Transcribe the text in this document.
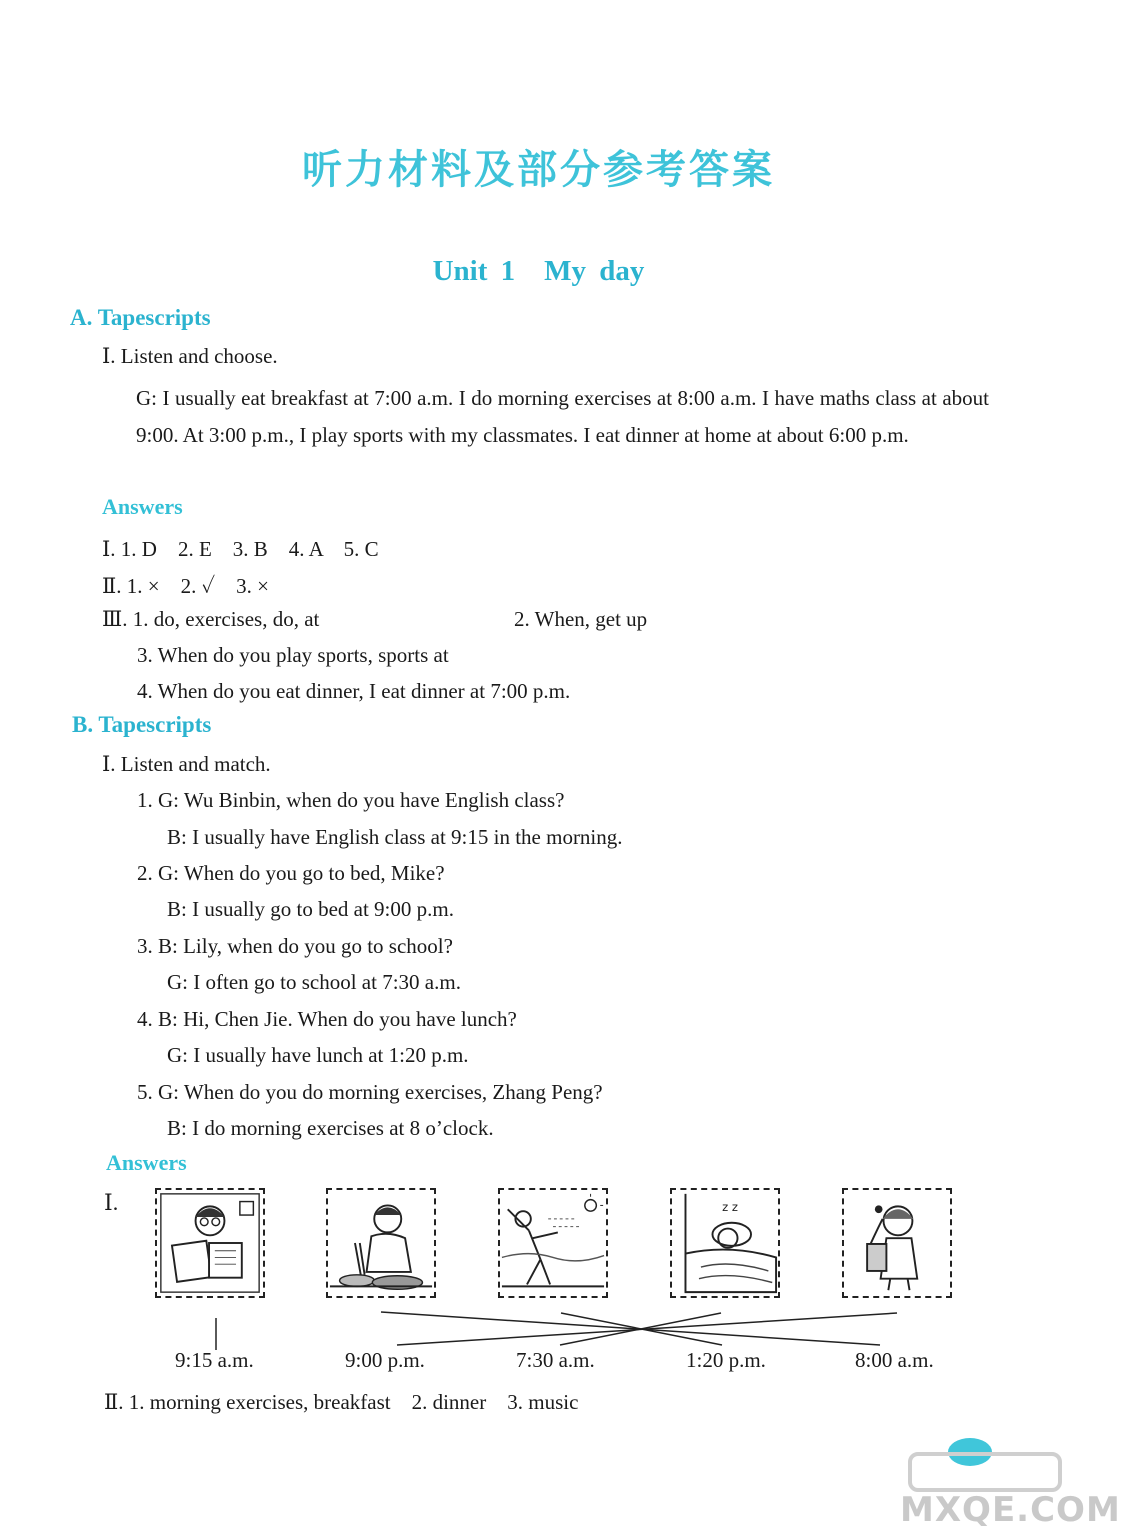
听力材料及部分参考答案
Unit 1　My day
A. Tapescripts
Ⅰ. Listen and choose.
G: I usually eat breakfast at 7:00 a.m. I do morning exercises at 8:00 a.m. I have maths class at about 9:00. At 3:00 p.m., I play sports with my classmates. I eat dinner at home at about 6:00 p.m.
Answers
Ⅰ. 1. D　2. E　3. B　4. A　5. C
Ⅱ. 1. ×　2. ✓　3. ×
Ⅲ. 1. do, exercises, do, at	2. When, get up
3. When do you play sports, sports at
4. When do you eat dinner, I eat dinner at 7:00 p.m.
B. Tapescripts
Ⅰ. Listen and match.
1. G: Wu Binbin, when do you have English class?
B: I usually have English class at 9:15 in the morning.
2. G: When do you go to bed, Mike?
B: I usually go to bed at 9:00 p.m.
3. B: Lily, when do you go to school?
G: I often go to school at 7:30 a.m.
4. B: Hi, Chen Jie. When do you have lunch?
G: I usually have lunch at 1:20 p.m.
5. G: When do you do morning exercises, Zhang Peng?
B: I do morning exercises at 8 o’clock.
Answers
Ⅰ.	z z
9:15 a.m.	9:00 p.m.	7:30 a.m.	1:20 p.m.	8:00 a.m.
Ⅱ. 1. morning exercises, breakfast　2. dinner　3. music
MXQE.COM
